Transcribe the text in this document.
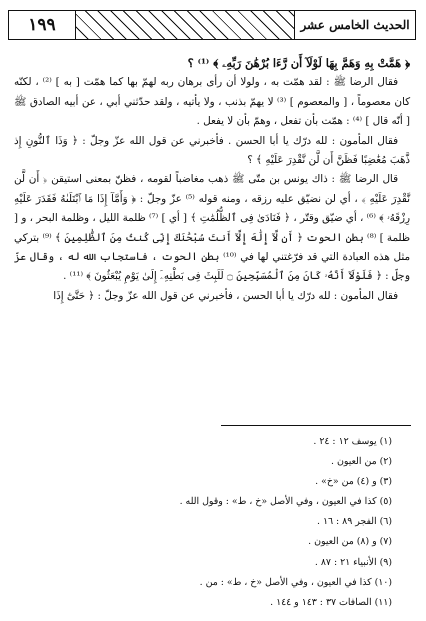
١٩٩	الحديث الخامس عشر

﴿ هَمَّتْ بِهِ وَهَمَّ بِهَا لَوْلَآ أَن رَّءَا بُرْهَٰنَ رَبِّهِۦ ﴾ ⁽¹⁾ ؟

فقال الرضا ﷺ : لقد همّت به ، ولولا أن رأى برهان ربه لهمّ بها كما همّت [ به ] ⁽²⁾ ، لكنّه كان معصوماً ، [ والمعصوم ] ⁽³⁾ لا يهمّ بذنب ، ولا يأتيه ، ولقد حدّثني أبي ، عن أبيه الصادق ﷺ [ أنّه قال ] ⁽⁴⁾ : همّت بأن تفعل ، وهمّ بأن لا يفعل .

فقال المأمون : لله درّك يا أبا الحسن . فأخبرني عن قول الله عزّ وجلّ : ﴿ وَذَا ٱلنُّونِ إِذ ذَّهَبَ مُغَٰضِبًا فَظَنَّ أَن لَّن نَّقْدِرَ عَلَيْهِ ﴾ ؟

قال الرضا ﷺ : ذاك يونس بن متّى ﷺ ذهب مغاضباً لقومه ، فظنّ بمعنى استيقن ﴿ أَن لَّن نَّقْدِرَ عَلَيْهِ ﴾ ، أي لن نضيّق عليه رزقه ، ومنه قوله ⁽⁵⁾ عزّ وجلّ : ﴿ وَأَمَّآ إِذَا مَا ٱبْتَلَىٰهُ فَقَدَرَ عَلَيْهِ رِزْقَهُۥ ﴾ ⁽⁶⁾ ، أي ضيّق وقتّر ، ﴿ فَنَادَىٰ فِى ٱلظُّلُمَٰتِ ﴾ [ أي ] ⁽⁷⁾ ظلمة الليل ، وظلمة البحر ، و [ ظلمة ] ⁽⁸⁾ بطن الحوت ﴿ أَن لَّآ إِلَٰهَ إِلَّآ أَنتَ سُبْحَٰنَكَ إِنِّى كُنتُ مِنَ ٱلظَّٰلِمِينَ ﴾ ⁽⁹⁾ بتركي مثل هذه العبادة التي قد فرّغتني لها في ⁽¹⁰⁾ بطن الحوت ، فاستجاب الله له ، وقال عزّ وجلّ : ﴿ فَلَوْلَآ أَنَّهُۥ كَانَ مِنَ ٱلْمُسَبِّحِينَ ۝ لَلَبِثَ فِى بَطْنِهِۦٓ إِلَىٰ يَوْمِ يُبْعَثُونَ ﴾ ⁽¹¹⁾ .

فقال المأمون : لله درّك يا أبا الحسن ، فأخبرني عن قول الله عزّ وجلّ : ﴿ حَتَّىٰٓ إِذَا

(١) يوسف ١٢ : ٢٤ .
(٢) من العيون .
(٣) و (٤) من «خ» .
(٥) كذا في العيون ، وفي الأصل «خ ، ط» : وقول الله .
(٦) الفجر ٨٩ : ١٦ .
(٧) و (٨) من العيون .
(٩) الأنبياء ٢١ : ٨٧ .
(١٠) كذا في العيون ، وفي الأصل «خ ، ط» : من .
(١١) الصافات ٣٧ : ١٤٣ و ١٤٤ .
